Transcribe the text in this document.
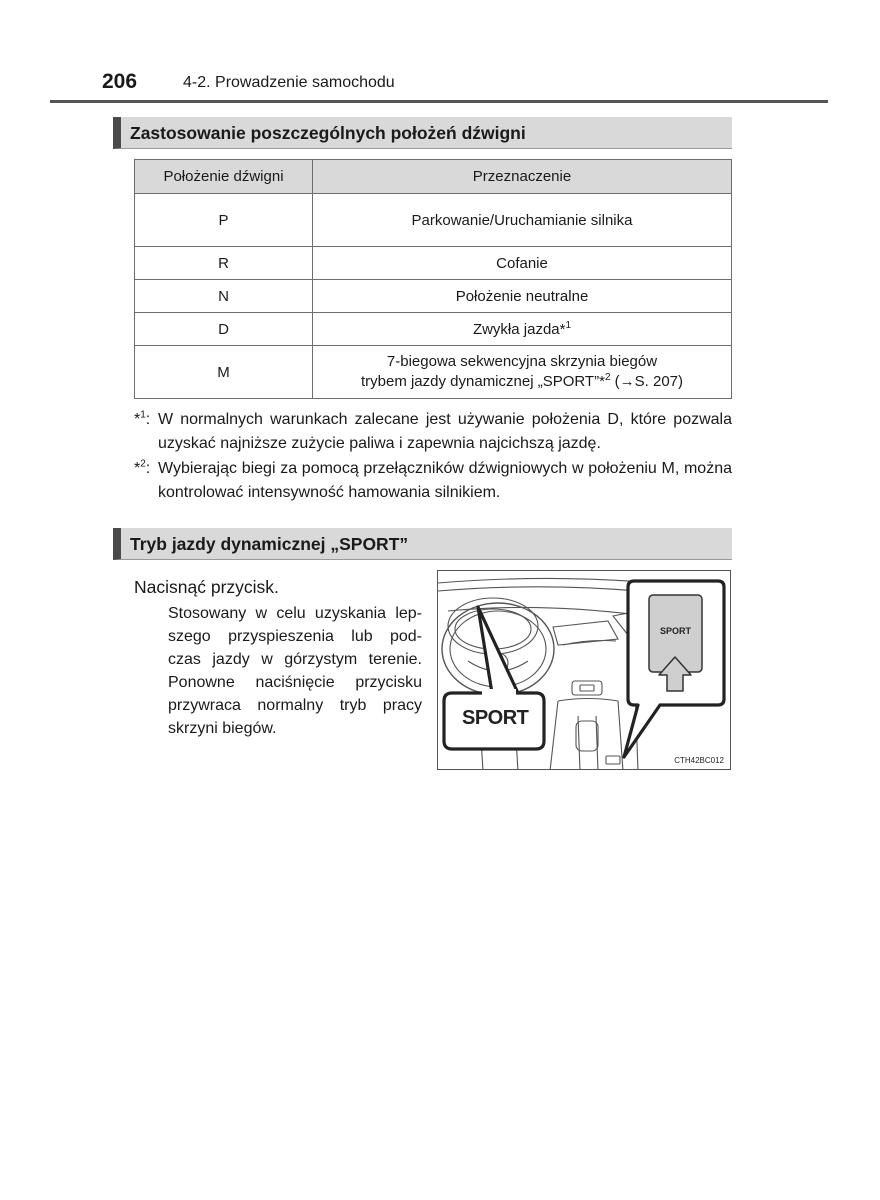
206	4-2. Prowadzenie samochodu
Zastosowanie poszczególnych położeń dźwigni
Położenie dźwigni	Przeznaczenie
P	Parkowanie/Uruchamianie silnika
R	Cofanie
N	Położenie neutralne
D	Zwykła jazda*$^1$
M	7-biegowa sekwencyjna skrzynia biegów
trybem jazdy dynamicznej „SPORT”*$^2$ (→S. 207)
*$^1$: W normalnych warunkach zalecane jest używanie położenia D, które pozwala uzyskać najniższe zużycie paliwa i zapewnia najcichszą jazdę.
*$^2$: Wybierając biegi za pomocą przełączników dźwigniowych w położeniu M, można kontrolować intensywność hamowania silnikiem.
Tryb jazdy dynamicznej „SPORT”
Nacisnąć przycisk.
Stosowany w celu uzyskania lep-
szego przyspieszenia lub pod-
czas jazdy w górzystym terenie.
Ponowne naciśnięcie przycisku
przywraca normalny tryb pracy
skrzyni biegów.
SPORT
SPORT
CTH42BC012
